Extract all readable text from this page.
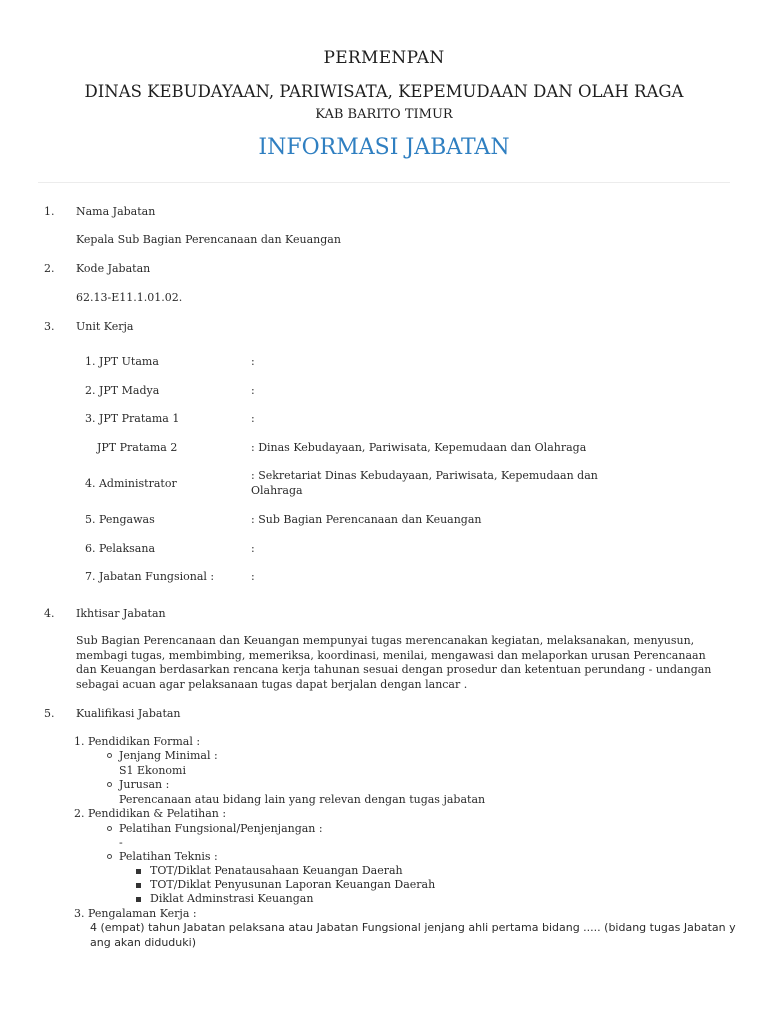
PERMENPAN
DINAS KEBUDAYAAN, PARIWISATA, KEPEMUDAAN DAN OLAH RAGA
KAB BARITO TIMUR
INFORMASI JABATAN
1. Nama Jabatan
Kepala Sub Bagian Perencanaan dan Keuangan
2. Kode Jabatan
62.13-E11.1.01.02.
3. Unit Kerja
1. JPT Utama	:
2. JPT Madya	:
3. JPT Pratama 1	:
JPT Pratama 2	: Dinas Kebudayaan, Pariwisata, Kepemudaan dan Olahraga
4. Administrator
: Sekretariat Dinas Kebudayaan, Pariwisata, Kepemudaan dan
Olahraga
5. Pengawas	: Sub Bagian Perencanaan dan Keuangan
6. Pelaksana	:
7. Jabatan Fungsional :	:
4. Ikhtisar Jabatan
Sub Bagian Perencanaan dan Keuangan mempunyai tugas merencanakan kegiatan, melaksanakan, menyusun, membagi tugas, membimbing, memeriksa, koordinasi, menilai, mengawasi dan melaporkan urusan Perencanaan dan Keuangan berdasarkan rencana kerja tahunan sesuai dengan prosedur dan ketentuan perundang - undangan sebagai acuan agar pelaksanaan tugas dapat berjalan dengan lancar .
5. Kualifikasi Jabatan
1. Pendidikan Formal :
Jenjang Minimal :
S1 Ekonomi
Jurusan :
Perencanaan atau bidang lain yang relevan dengan tugas jabatan
2. Pendidikan & Pelatihan :
Pelatihan Fungsional/Penjenjangan :
-
Pelatihan Teknis :
TOT/Diklat Penatausahaan Keuangan Daerah
TOT/Diklat Penyusunan Laporan Keuangan Daerah
Diklat Adminstrasi Keuangan
3. Pengalaman Kerja :
4 (empat) tahun Jabatan pelaksana atau Jabatan Fungsional jenjang ahli pertama bidang ..... (bidang tugas Jabatan y
ang akan diduduki)
